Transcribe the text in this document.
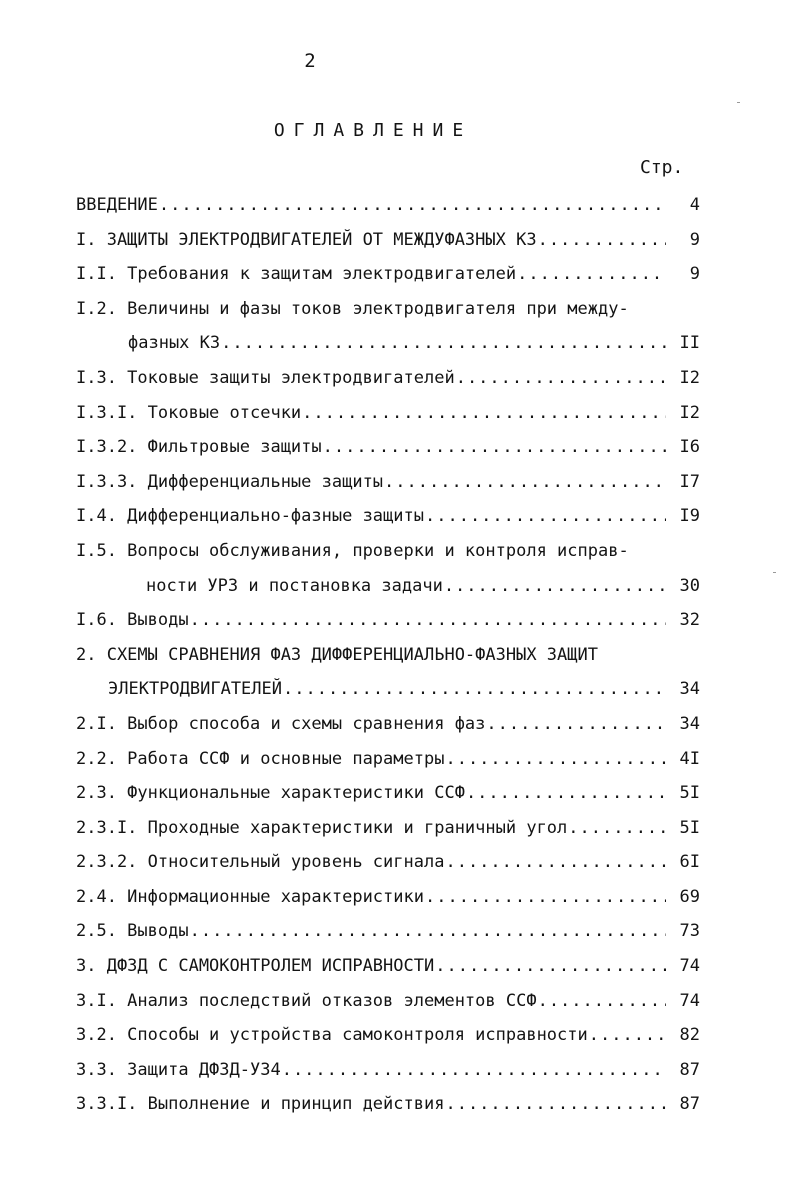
2
ОГЛАВЛЕНИЕ
Стр.
ВВЕДЕНИЕ .....	4
I. ЗАЩИТЫ ЭЛЕКТРОДВИГАТЕЛЕЙ ОТ МЕЖДУФАЗНЫХ КЗ .....	9
I.I. Требования к защитам электродвигателей .....	9
I.2. Величины и фазы токов электродвигателя при между-
фазных КЗ .....	II
I.3. Токовые защиты электродвигателей .....	I2
I.3.I. Токовые отсечки .....	I2
I.3.2. Фильтровые защиты .....	I6
I.3.3. Дифференциальные защиты .....	I7
I.4. Дифференциально-фазные защиты .....	I9
I.5. Вопросы обслуживания, проверки и контроля исправ-
ности УРЗ и постановка задачи .....	30
I.6. Выводы .....	32
2. СХЕМЫ СРАВНЕНИЯ ФАЗ ДИФФЕРЕНЦИАЛЬНО-ФАЗНЫХ ЗАЩИТ
ЭЛЕКТРОДВИГАТЕЛЕЙ .....	34
2.I. Выбор способа и схемы сравнения фаз .....	34
2.2. Работа ССФ и основные параметры .....	4I
2.3. Функциональные характеристики ССФ .....	5I
2.3.I. Проходные характеристики и граничный угол .....	5I
2.3.2. Относительный уровень сигнала .....	6I
2.4. Информационные характеристики .....	69
2.5. Выводы .....	73
3. ДФЗД С САМОКОНТРОЛЕМ ИСПРАВНОСТИ .....	74
3.I. Анализ последствий отказов элементов ССФ .....	74
3.2. Способы и устройства самоконтроля исправности .....	82
3.3. Защита ДФЗД-УЗ4 .....	87
3.3.I. Выполнение и принцип действия .....	87
